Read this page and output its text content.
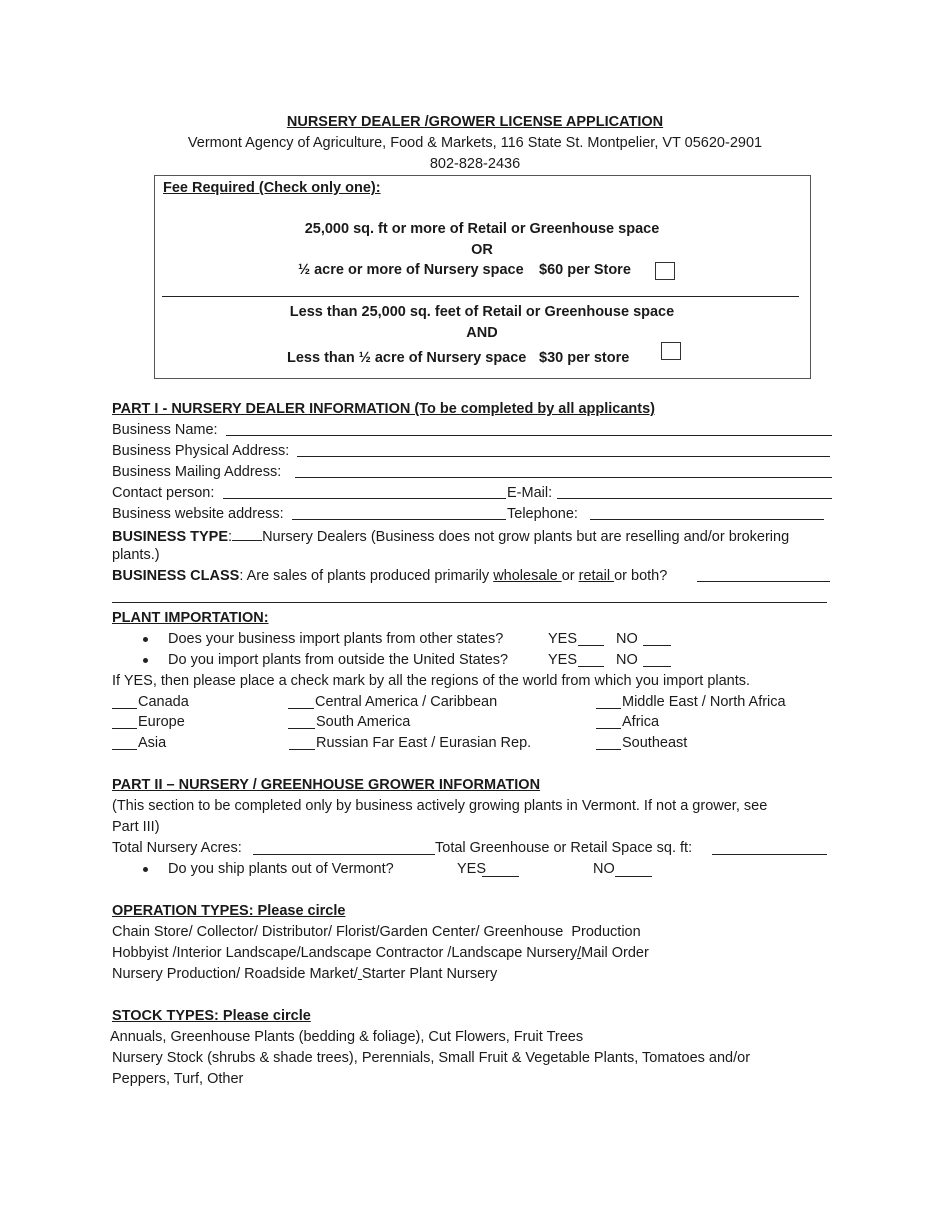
NURSERY DEALER /GROWER LICENSE APPLICATION
Vermont Agency of Agriculture, Food & Markets, 116 State St. Montpelier, VT 05620-2901
802-828-2436
Fee Required (Check only one):
25,000 sq. ft or more of Retail or Greenhouse space
OR
½ acre or more of Nursery space $60 per Store
Less than 25,000 sq. feet of Retail or Greenhouse space
AND
Less than ½ acre of Nursery space $30 per store
PART I - NURSERY DEALER INFORMATION (To be completed by all applicants)
Business Name:
Business Physical Address:
Business Mailing Address:
Contact person:	E-Mail:
Business website address:	Telephone:
BUSINESS TYPE: Nursery Dealers (Business does not grow plants but are reselling and/or brokering
plants.)
BUSINESS CLASS: Are sales of plants produced primarily wholesale or retail or both?
PLANT IMPORTATION:
Does your business import plants from other states?	YES	NO
Do you import plants from outside the United States?	YES	NO
If YES, then please place a check mark by all the regions of the world from which you import plants.
Canada	Central America / Caribbean	Middle East / North Africa
Europe	South America	Africa
Asia	Russian Far East / Eurasian Rep.	Southeast
PART II – NURSERY / GREENHOUSE GROWER INFORMATION
(This section to be completed only by business actively growing plants in Vermont. If not a grower, see
Part III)
Total Nursery Acres:	Total Greenhouse or Retail Space sq. ft:
Do you ship plants out of Vermont?	YES	NO
OPERATION TYPES: Please circle
Chain Store/ Collector/ Distributor/ Florist/Garden Center/ Greenhouse  Production
Hobbyist /Interior Landscape/Landscape Contractor /Landscape Nursery/Mail Order
Nursery Production/ Roadside Market/ Starter Plant Nursery
STOCK TYPES: Please circle
Annuals, Greenhouse Plants (bedding & foliage), Cut Flowers, Fruit Trees
Nursery Stock (shrubs & shade trees), Perennials, Small Fruit & Vegetable Plants, Tomatoes and/or
Peppers, Turf, Other
